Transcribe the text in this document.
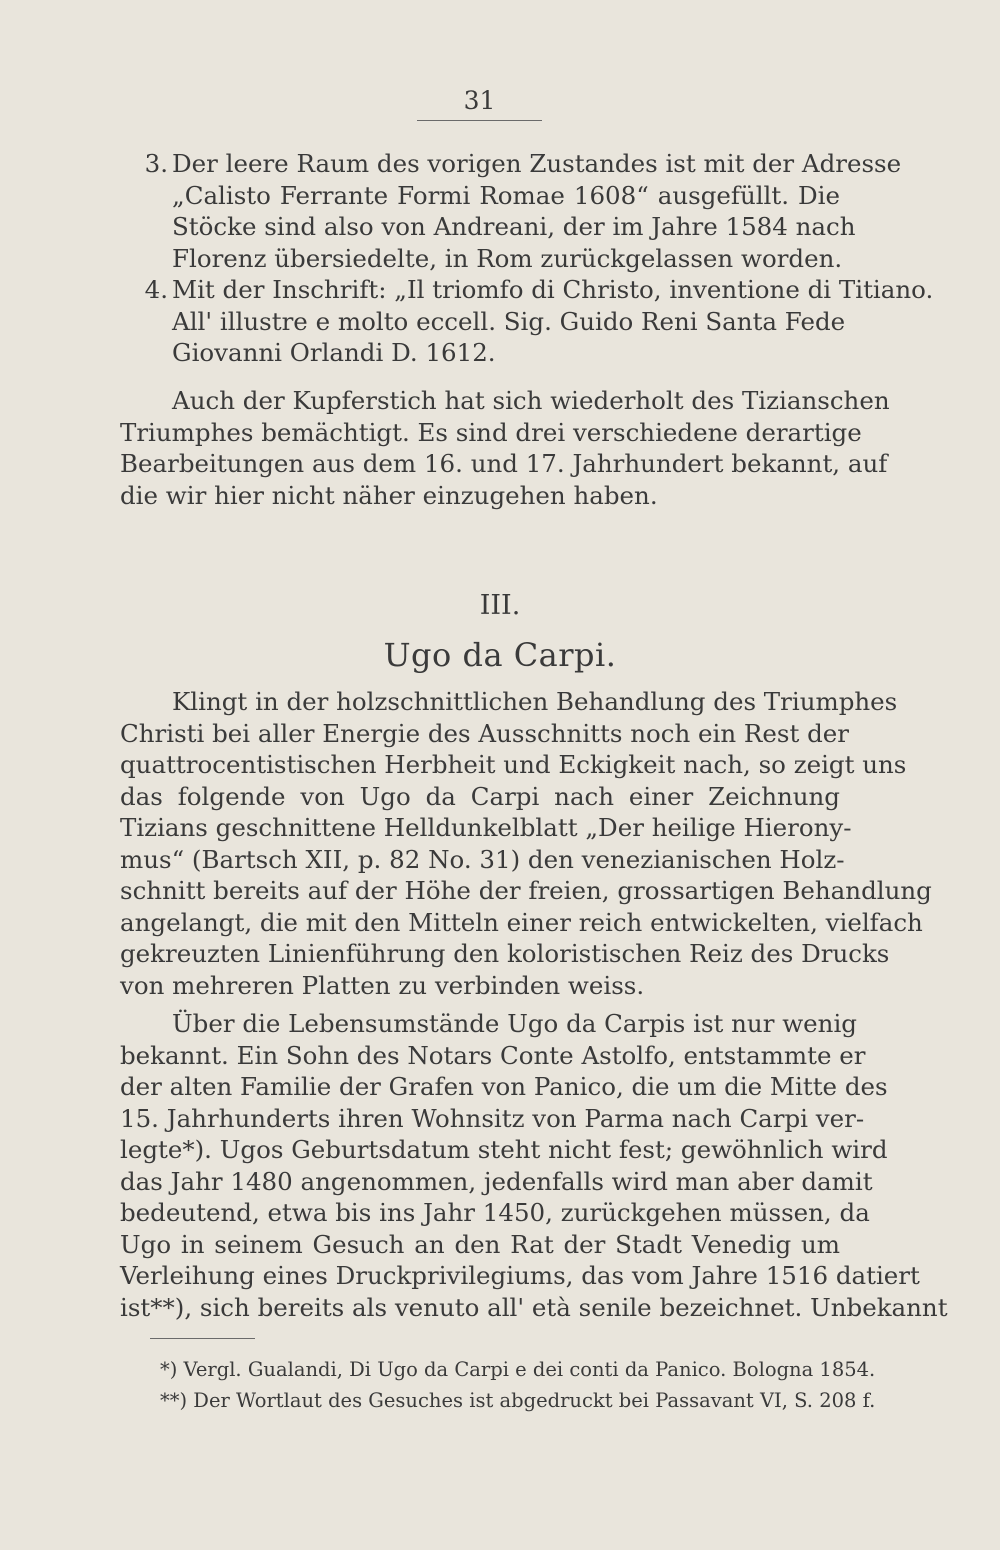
31
3. Der leere Raum des vorigen Zustandes ist mit der Adresse
„Calisto Ferrante Formi Romae 1608“ ausgefüllt. Die
Stöcke sind also von Andreani, der im Jahre 1584 nach
Florenz übersiedelte, in Rom zurückgelassen worden.
4. Mit der Inschrift: „Il triomfo di Christo, inventione di Titiano.
All' illustre e molto eccell. Sig. Guido Reni Santa Fede
Giovanni Orlandi D. 1612.
Auch der Kupferstich hat sich wiederholt des Tizianschen
Triumphes bemächtigt. Es sind drei verschiedene derartige
Bearbeitungen aus dem 16. und 17. Jahrhundert bekannt, auf
die wir hier nicht näher einzugehen haben.
III.
Ugo da Carpi.
Klingt in der holzschnittlichen Behandlung des Triumphes
Christi bei aller Energie des Ausschnitts noch ein Rest der
quattrocentistischen Herbheit und Eckigkeit nach, so zeigt uns
das folgende von Ugo da Carpi nach einer Zeichnung
Tizians geschnittene Helldunkelblatt „Der heilige Hierony-
mus“ (Bartsch XII, p. 82 No. 31) den venezianischen Holz-
schnitt bereits auf der Höhe der freien, grossartigen Behandlung
angelangt, die mit den Mitteln einer reich entwickelten, vielfach
gekreuzten Linienführung den koloristischen Reiz des Drucks
von mehreren Platten zu verbinden weiss.
Über die Lebensumstände Ugo da Carpis ist nur wenig
bekannt. Ein Sohn des Notars Conte Astolfo, entstammte er
der alten Familie der Grafen von Panico, die um die Mitte des
15. Jahrhunderts ihren Wohnsitz von Parma nach Carpi ver-
legte*). Ugos Geburtsdatum steht nicht fest; gewöhnlich wird
das Jahr 1480 angenommen, jedenfalls wird man aber damit
bedeutend, etwa bis ins Jahr 1450, zurückgehen müssen, da
Ugo in seinem Gesuch an den Rat der Stadt Venedig um
Verleihung eines Druckprivilegiums, das vom Jahre 1516 datiert
ist**), sich bereits als venuto all' età senile bezeichnet. Unbekannt
*) Vergl. Gualandi, Di Ugo da Carpi e dei conti da Panico. Bologna 1854.
**) Der Wortlaut des Gesuches ist abgedruckt bei Passavant VI, S. 208 f.
